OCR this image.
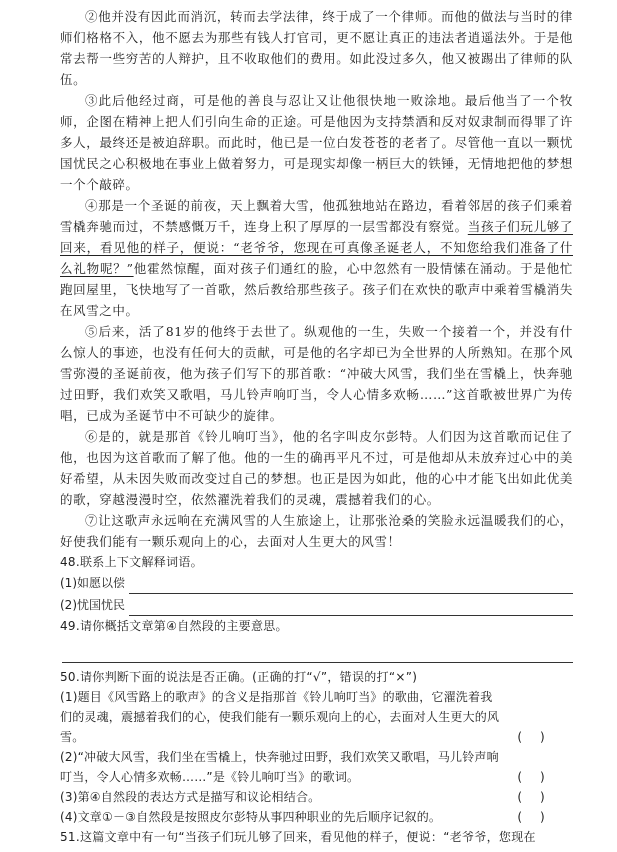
②他并没有因此而消沉，转而去学法律，终于成了一个律师。而他的做法与当时的律师们格格不入，他不愿去为那些有钱人打官司，更不愿让真正的违法者逍遥法外。于是他常去帮一些穷苦的人辩护，且不收取他们的费用。如此没过多久，他又被踢出了律师的队伍。

③此后他经过商，可是他的善良与忍让又让他很快地一败涂地。最后他当了一个牧师，企图在精神上把人们引向生命的正途。可是他因为支持禁酒和反对奴隶制而得罪了许多人，最终还是被迫辞职。而此时，他已是一位白发苍苍的老者了。尽管他一直以一颗忧国忧民之心积极地在事业上做着努力，可是现实却像一柄巨大的铁锤，无情地把他的梦想一个个敲碎。

④那是一个圣诞的前夜，天上飘着大雪，他孤独地站在路边，看着邻居的孩子们乘着雪橇奔驰而过，不禁感慨万千，连身上积了厚厚的一层雪都没有察觉。当孩子们玩儿够了回来，看见他的样子，便说：“老爷爷，您现在可真像圣诞老人，不知您给我们准备了什么礼物呢？”他霍然惊醒，面对孩子们通红的脸，心中忽然有一股情愫在涌动。于是他忙跑回屋里，飞快地写了一首歌，然后教给那些孩子。孩子们在欢快的歌声中乘着雪橇消失在风雪之中。

⑤后来，活了81岁的他终于去世了。纵观他的一生，失败一个接着一个，并没有什么惊人的事迹，也没有任何大的贡献，可是他的名字却已为全世界的人所熟知。在那个风雪弥漫的圣诞前夜，他为孩子们写下的那首歌：“冲破大风雪，我们坐在雪橇上，快奔驰过田野，我们欢笑又歌唱，马儿铃声响叮当，令人心情多欢畅……”这首歌被世界广为传唱，已成为圣诞节中不可缺少的旋律。

⑥是的，就是那首《铃儿响叮当》，他的名字叫皮尔彭特。人们因为这首歌而记住了他，也因为这首歌而了解了他。他的一生的确再平凡不过，可是他却从未放弃过心中的美好希望，从未因失败而改变过自己的梦想。也正是因为如此，他的心中才能飞出如此优美的歌，穿越漫漫时空，依然濯洗着我们的灵魂，震撼着我们的心。

⑦让这歌声永远响在充满风雪的人生旅途上，让那张沧桑的笑脸永远温暖我们的心，好使我们能有一颗乐观向上的心，去面对人生更大的风雪！

48.联系上下文解释词语。

(1)如愿以偿
(2)忧国忧民

49.请你概括文章第④自然段的主要意思。

50.请你判断下面的说法是否正确。(正确的打“√”，错误的打“×”)

(1)题目《风雪路上的歌声》的含义是指那首《铃儿响叮当》的歌曲，它濯洗着我们的灵魂，震撼着我们的心，使我们能有一颗乐观向上的心，去面对人生更大的风雪。	()

(2)“冲破大风雪，我们坐在雪橇上，快奔驰过田野，我们欢笑又歌唱，马儿铃声响叮当，令人心情多欢畅……”是《铃儿响叮当》的歌词。	()

(3)第④自然段的表达方式是描写和议论相结合。	()

(4)文章①－③自然段是按照皮尔彭特从事四种职业的先后顺序记叙的。	()

51.这篇文章中有一句“当孩子们玩儿够了回来，看见他的样子，便说：“老爷爷，您现在
